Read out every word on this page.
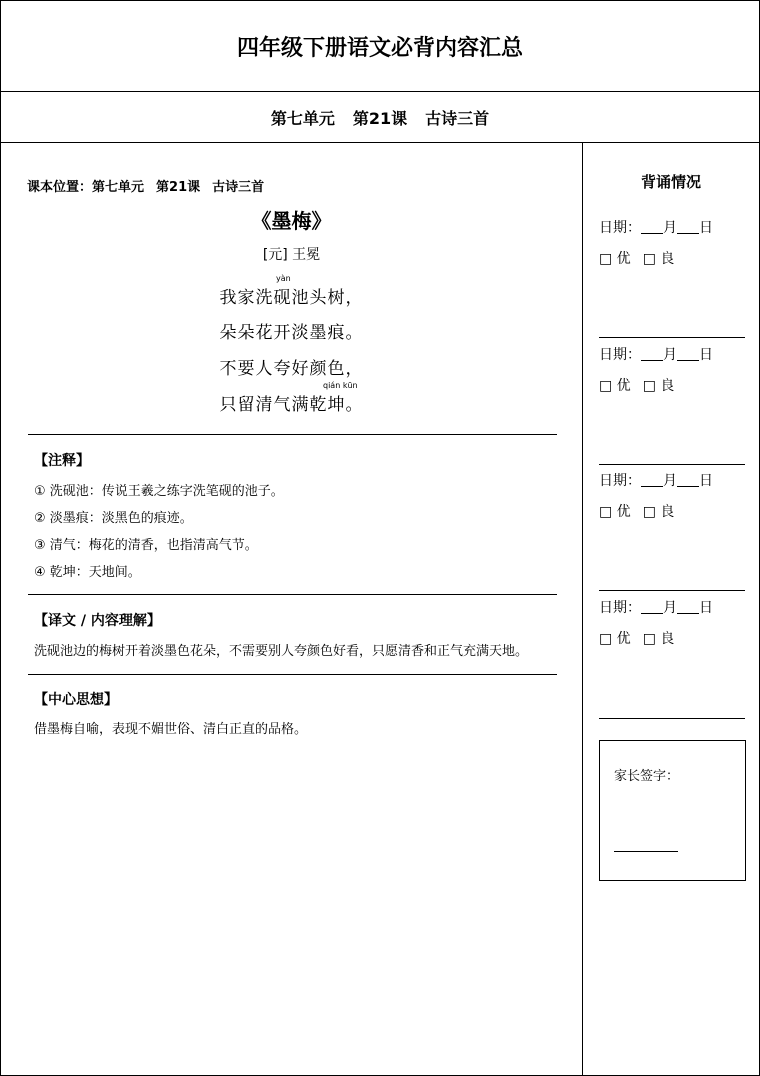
四年级下册语文必背内容汇总
第七单元 第21课 古诗三首
课本位置：第七单元 第21课 古诗三首
《墨梅》
[元] 王冕
我家洗砚池头树，
yàn
朵朵花开淡墨痕。
不要人夸好颜色，
只留清气满乾坤。
qián kūn
【注释】
① 洗砚池：传说王羲之练字洗笔砚的池子。
② 淡墨痕：淡黑色的痕迹。
③ 清气：梅花的清香，也指清高气节。
④ 乾坤：天地间。
【译文 / 内容理解】
洗砚池边的梅树开着淡墨色花朵，不需要别人夸颜色好看，只愿清香和正气充满天地。
【中心思想】
借墨梅自喻，表现不媚世俗、清白正直的品格。
背诵情况
日期： 月 日
□ 优 □ 良
日期： 月 日
□ 优 □ 良
日期： 月 日
□ 优 □ 良
日期： 月 日
□ 优 □ 良
家长签字：
